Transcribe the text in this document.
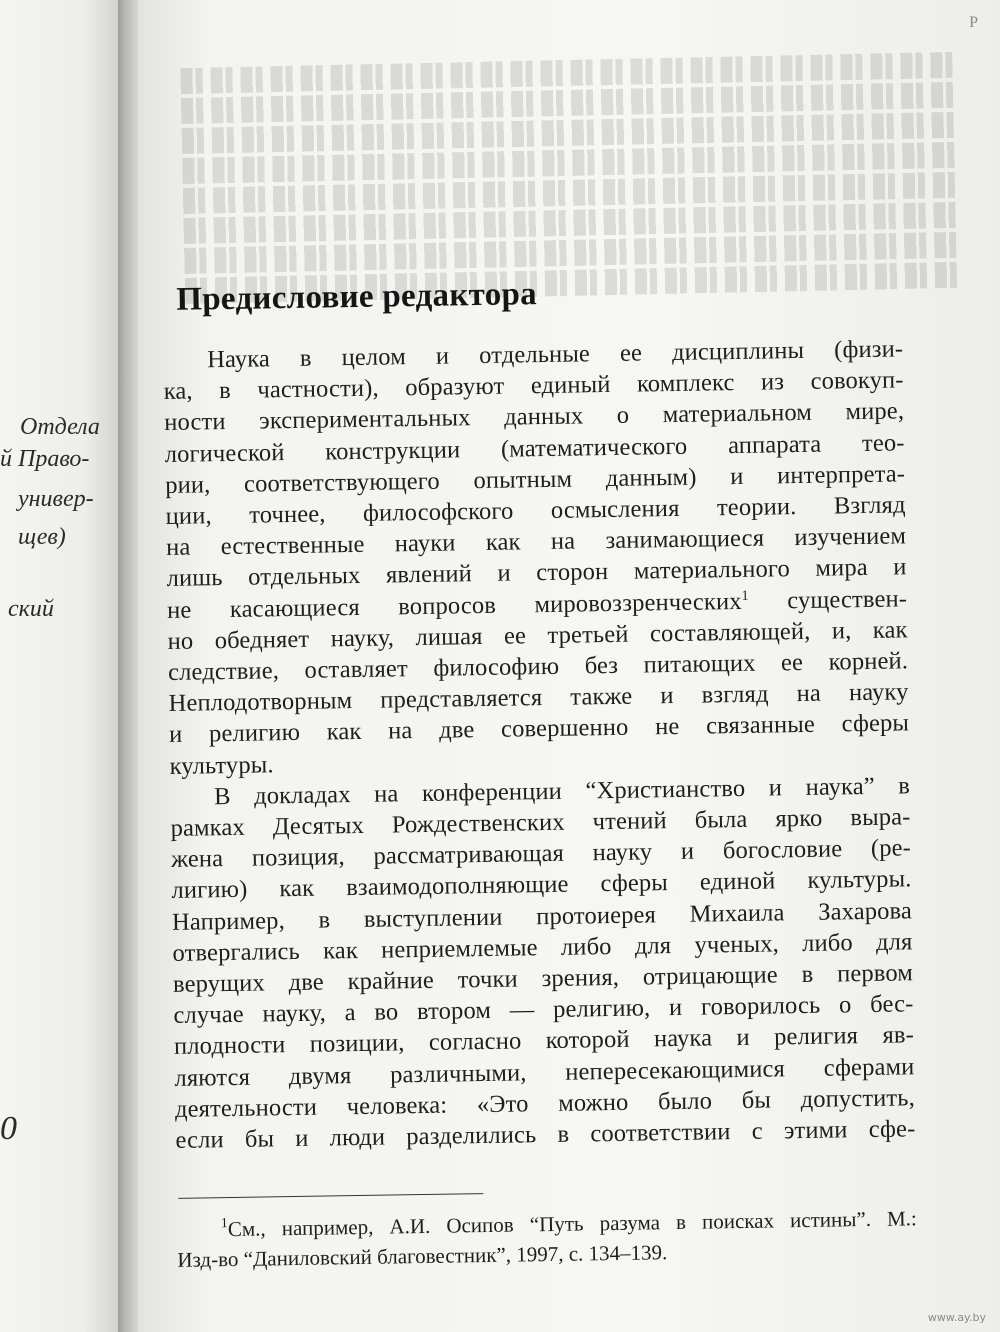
Отдела
й Право-
универ-
щев)
ский
0
Р
Предисловие редактора
Наука в целом и отдельные ее дисциплины (физи-
ка, в частности), образуют единый комплекс из совокуп-
ности экспериментальных данных о материальном мире,
логической конструкции (математического аппарата тео-
рии, соответствующего опытным данным) и интерпрета-
ции, точнее, философского осмысления теории. Взгляд
на естественные науки как на занимающиеся изучением
лишь отдельных явлений и сторон материального мира и
не касающиеся вопросов мировоззренческих$^1$ существен-
но обедняет науку, лишая ее третьей составляющей, и, как
следствие, оставляет философию без питающих ее корней.
Неплодотворным представляется также и взгляд на науку
и религию как на две совершенно не связанные сферы
культуры.
В докладах на конференции “Христианство и наука” в
рамках Десятых Рождественских чтений была ярко выра-
жена позиция, рассматривающая науку и богословие (ре-
лигию) как взаимодополняющие сферы единой культуры.
Например, в выступлении протоиерея Михаила Захарова
отвергались как неприемлемые либо для ученых, либо для
верущих две крайние точки зрения, отрицающие в первом
случае науку, а во втором — религию, и говорилось о бес-
плодности позиции, согласно которой наука и религия яв-
ляются двумя различными, непересекающимися сферами
деятельности человека: «Это можно было бы допустить,
если бы и люди разделились в соответствии с этими сфе-
$^1$См., например, А.И. Осипов “Путь разума в поисках истины”. М.:
Изд-во “Даниловский благовестник”, 1997, с. 134–139.
www.ay.by
